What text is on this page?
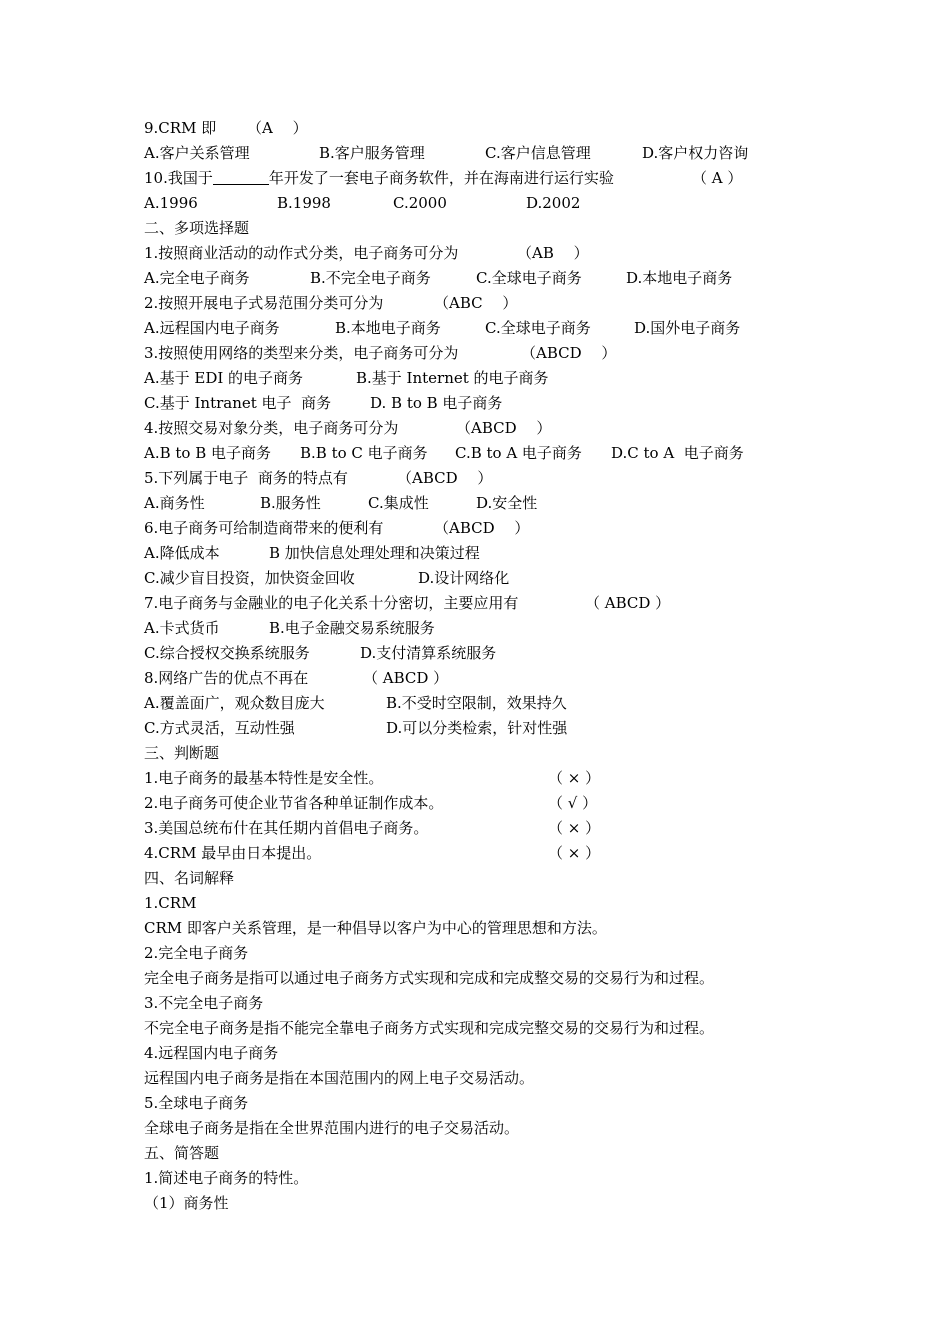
9.CRM 即

（A　 ）

A.客户关系管理

	B.客户服务管理

	C.客户信息管理

	D.客户权力咨询

10.我国于	年开发了一套电子商务软件，并在海南进行运行实验

	（ A ）

A.1996

	B.1998

	C.2000

	D.2002

二、多项选择题

1.按照商业活动的动作式分类，电子商务可分为

	（AB　 ）

A.完全电子商务

	B.不完全电子商务

	C.全球电子商务

	D.本地电子商务

2.按照开展电子式易范围分类可分为

	（ABC　 ）

A.远程国内电子商务

	B.本地电子商务

	C.全球电子商务

	D.国外电子商务

3.按照使用网络的类型来分类，电子商务可分为

	（ABCD　 ）

A.基于 EDI 的电子商务

	B.基于 Internet 的电子商务

C.基于 Intranet 电子  商务

	D. B to B 电子商务

4.按照交易对象分类，电子商务可分为

	（ABCD　 ）

A.B to B 电子商务

B.B to C 电子商务

C.B to A 电子商务

D.C to A  电子商务

5.下列属于电子  商务的特点有

	（ABCD　 ）

A.商务性

	B.服务性

	C.集成性

	D.安全性

6.电子商务可给制造商带来的便利有

	（ABCD　 ）

A.降低成本

	B 加快信息处理处理和决策过程

C.减少盲目投资，加快资金回收

	D.设计网络化

7.电子商务与金融业的电子化关系十分密切，主要应用有

	（ ABCD ）

A.卡式货币

	B.电子金融交易系统服务

C.综合授权交换系统服务

	D.支付清算系统服务

8.网络广告的优点不再在

	（ ABCD ）

A.覆盖面广，观众数目庞大

	B.不受时空限制，效果持久

C.方式灵活，互动性强

	D.可以分类检索，针对性强

三、判断题

1.电子商务的最基本特性是安全性。

	（ × ）

2.电子商务可使企业节省各种单证制作成本。

	（ √ ）

3.美国总统布什在其任期内首倡电子商务。

	（ × ）

4.CRM 最早由日本提出。

	（ × ）

四、名词解释
1.CRM
CRM 即客户关系管理，是一种倡导以客户为中心的管理思想和方法。
2.完全电子商务
完全电子商务是指可以通过电子商务方式实现和完成和完成整交易的交易行为和过程。
3.不完全电子商务
不完全电子商务是指不能完全靠电子商务方式实现和完成完整交易的交易行为和过程。
4.远程国内电子商务
远程国内电子商务是指在本国范围内的网上电子交易活动。
5.全球电子商务
全球电子商务是指在全世界范围内进行的电子交易活动。
五、简答题
1.简述电子商务的特性。
（1）商务性
